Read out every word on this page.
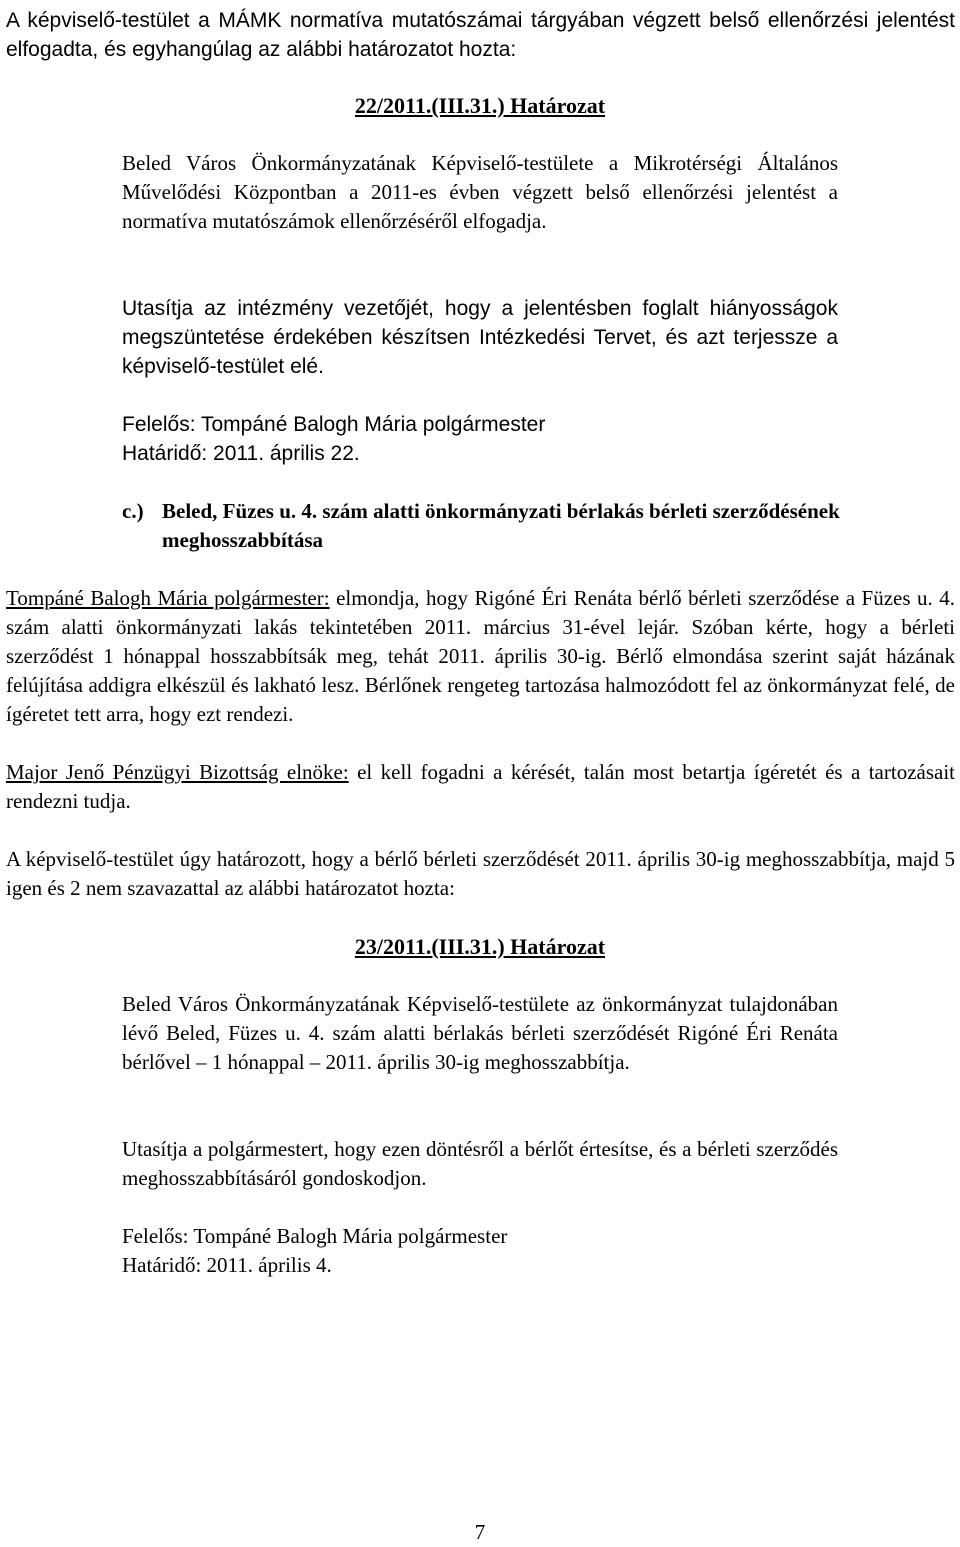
A képviselő-testület a MÁMK normatíva mutatószámai tárgyában végzett belső ellenőrzési jelentést elfogadta, és egyhangúlag az alábbi határozatot hozta:

22/2011.(III.31.) Határozat

Beled Város Önkormányzatának Képviselő-testülete a Mikrotérségi Általános Művelődési Központban a 2011-es évben végzett belső ellenőrzési jelentést a normatíva mutatószámok ellenőrzéséről elfogadja.

Utasítja az intézmény vezetőjét, hogy a jelentésben foglalt hiányosságok megszüntetése érdekében készítsen Intézkedési Tervet, és azt terjessze a képviselő-testület elé.

Felelős: Tompáné Balogh Mária polgármester

Határidő: 2011. április 22.

c.) Beled, Füzes u. 4. szám alatti önkormányzati bérlakás bérleti szerződésének meghosszabbítása

Tompáné Balogh Mária polgármester: elmondja, hogy Rigóné Éri Renáta bérlő bérleti szerződése a Füzes u. 4. szám alatti önkormányzati lakás tekintetében 2011. március 31-ével lejár. Szóban kérte, hogy a bérleti szerződést 1 hónappal hosszabbítsák meg, tehát 2011. április 30-ig. Bérlő elmondása szerint saját házának felújítása addigra elkészül és lakható lesz. Bérlőnek rengeteg tartozása halmozódott fel az önkormányzat felé, de ígéretet tett arra, hogy ezt rendezi.

Major Jenő Pénzügyi Bizottság elnöke: el kell fogadni a kérését, talán most betartja ígéretét és a tartozásait rendezni tudja.

A képviselő-testület úgy határozott, hogy a bérlő bérleti szerződését 2011. április 30-ig meghosszabbítja, majd 5 igen és 2 nem szavazattal az alábbi határozatot hozta:

23/2011.(III.31.) Határozat

Beled Város Önkormányzatának Képviselő-testülete az önkormányzat tulajdonában lévő Beled, Füzes u. 4. szám alatti bérlakás bérleti szerződését Rigóné Éri Renáta bérlővel – 1 hónappal – 2011. április 30-ig meghosszabbítja.

Utasítja a polgármestert, hogy ezen döntésről a bérlőt értesítse, és a bérleti szerződés meghosszabbításáról gondoskodjon.

Felelős: Tompáné Balogh Mária polgármester

Határidő: 2011. április 4.

7
